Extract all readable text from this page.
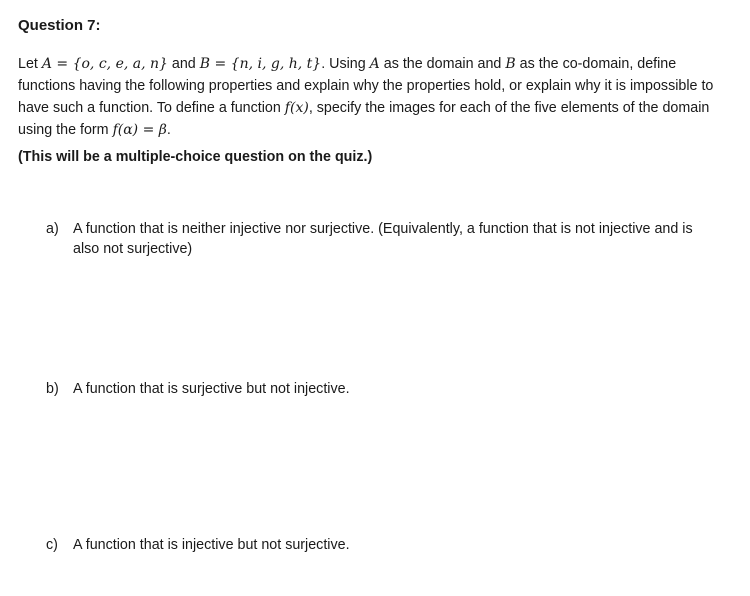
Question 7:

Let A = {o, c, e, a, n} and B = {n, i, g, h, t}. Using A as the domain and B as the co-domain, define functions having the following properties and explain why the properties hold, or explain why it is impossible to have such a function. To define a function f(x), specify the images for each of the five elements of the domain using the form f(α) = β.

(This will be a multiple-choice question on the quiz.)

a) A function that is neither injective nor surjective. (Equivalently, a function that is not injective and is also not surjective)
b) A function that is surjective but not injective.
c)	A function that is injective but not surjective.
